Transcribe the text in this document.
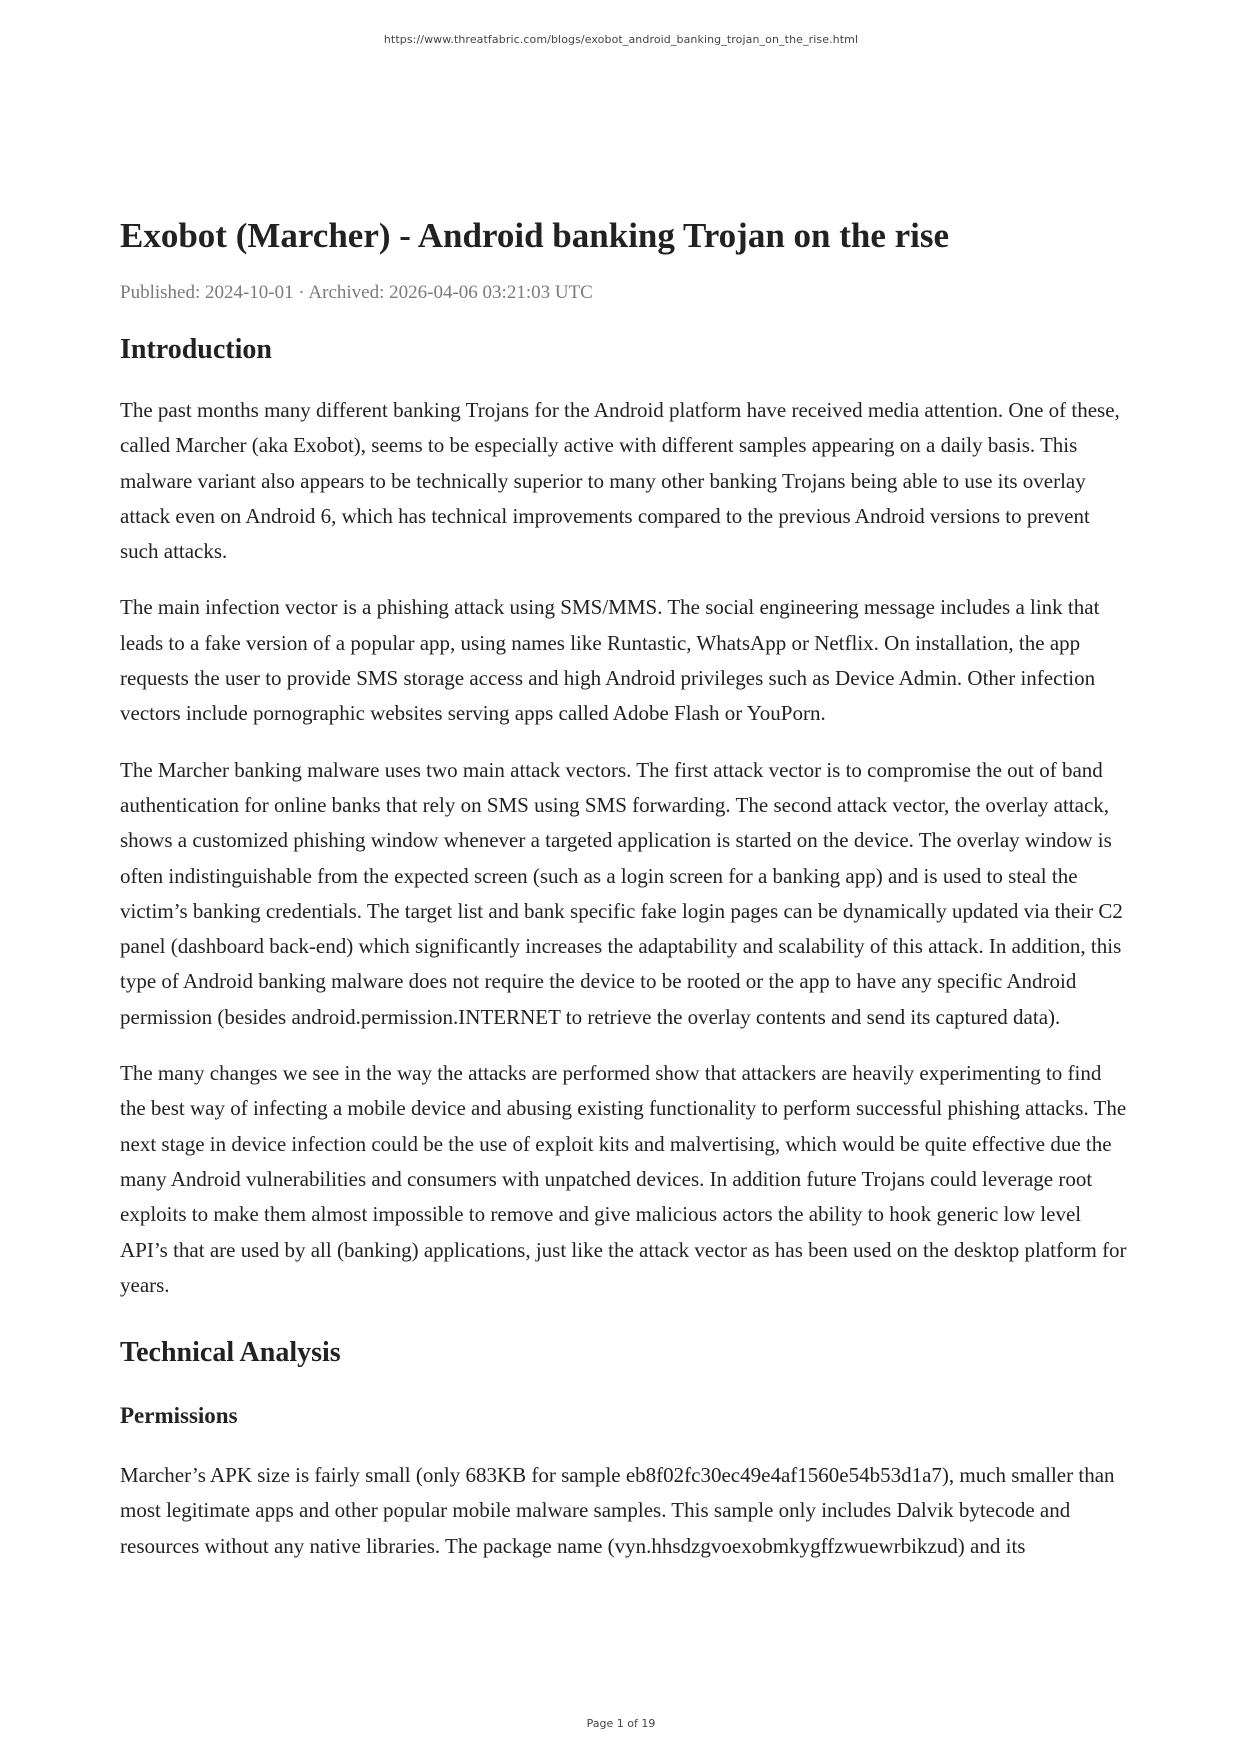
https://www.threatfabric.com/blogs/exobot_android_banking_trojan_on_the_rise.html
Exobot (Marcher) - Android banking Trojan on the rise
Published: 2024-10-01 · Archived: 2026-04-06 03:21:03 UTC
Introduction

The past months many different banking Trojans for the Android platform have received media attention. One of these, called Marcher (aka Exobot), seems to be especially active with different samples appearing on a daily basis. This malware variant also appears to be technically superior to many other banking Trojans being able to use its overlay attack even on Android 6, which has technical improvements compared to the previous Android versions to prevent such attacks.

The main infection vector is a phishing attack using SMS/MMS. The social engineering message includes a link that leads to a fake version of a popular app, using names like Runtastic, WhatsApp or Netflix. On installation, the app requests the user to provide SMS storage access and high Android privileges such as Device Admin. Other infection vectors include pornographic websites serving apps called Adobe Flash or YouPorn.

The Marcher banking malware uses two main attack vectors. The first attack vector is to compromise the out of band authentication for online banks that rely on SMS using SMS forwarding. The second attack vector, the overlay attack, shows a customized phishing window whenever a targeted application is started on the device. The overlay window is often indistinguishable from the expected screen (such as a login screen for a banking app) and is used to steal the victim’s banking credentials. The target list and bank specific fake login pages can be dynamically updated via their C2 panel (dashboard back-end) which significantly increases the adaptability and scalability of this attack. In addition, this type of Android banking malware does not require the device to be rooted or the app to have any specific Android permission (besides android.permission.INTERNET to retrieve the overlay contents and send its captured data).

The many changes we see in the way the attacks are performed show that attackers are heavily experimenting to find the best way of infecting a mobile device and abusing existing functionality to perform successful phishing attacks. The next stage in device infection could be the use of exploit kits and malvertising, which would be quite effective due the many Android vulnerabilities and consumers with unpatched devices. In addition future Trojans could leverage root exploits to make them almost impossible to remove and give malicious actors the ability to hook generic low level API’s that are used by all (banking) applications, just like the attack vector as has been used on the desktop platform for years.

Technical Analysis
Permissions

Marcher’s APK size is fairly small (only 683KB for sample eb8f02fc30ec49e4af1560e54b53d1a7), much smaller than most legitimate apps and other popular mobile malware samples. This sample only includes Dalvik bytecode and resources without any native libraries. The package name (vyn.hhsdzgvoexobmkygffzwuewrbikzud) and its

Page 1 of 19
